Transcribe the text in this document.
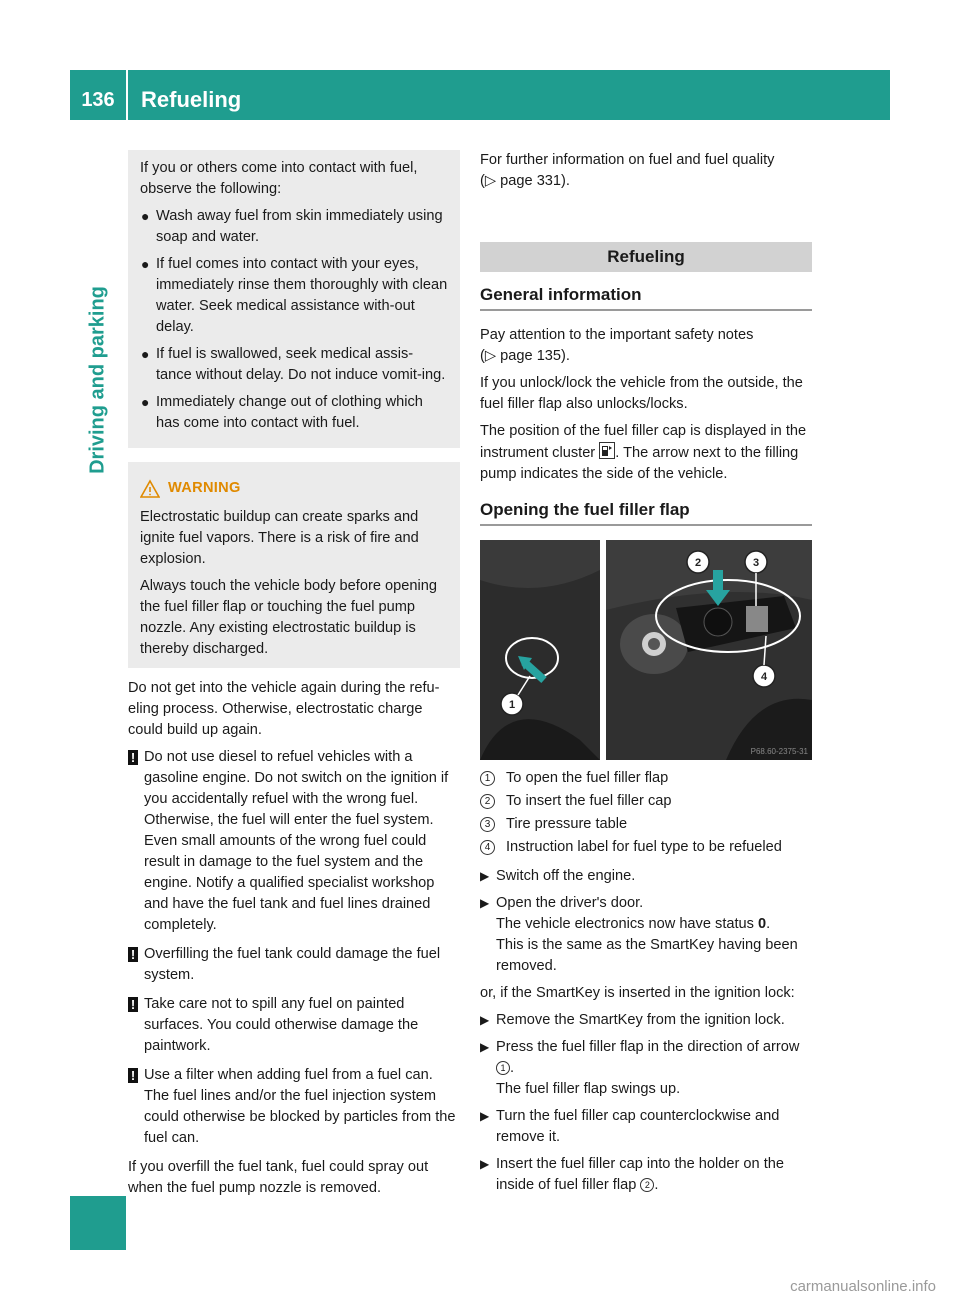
136	Refueling
Driving and parking

If you or others come into contact with fuel, observe the following:

● Wash away fuel from skin immediately using soap and water.
● If fuel comes into contact with your eyes, immediately rinse them thoroughly with clean water. Seek medical assistance with-out delay.
● If fuel is swallowed, seek medical assis-tance without delay. Do not induce vomit-ing.
● Immediately change out of clothing which has come into contact with fuel.
WARNING

Electrostatic buildup can create sparks and ignite fuel vapors. There is a risk of fire and explosion.

Always touch the vehicle body before opening the fuel filler flap or touching the fuel pump nozzle. Any existing electrostatic buildup is thereby discharged.

Do not get into the vehicle again during the refu-eling process. Otherwise, electrostatic charge could build up again.

! Do not use diesel to refuel vehicles with a gasoline engine. Do not switch on the ignition if you accidentally refuel with the wrong fuel. Otherwise, the fuel will enter the fuel system. Even small amounts of the wrong fuel could result in damage to the fuel system and the engine. Notify a qualified specialist workshop and have the fuel tank and fuel lines drained completely.
! Overfilling the fuel tank could damage the fuel system.
! Take care not to spill any fuel on painted surfaces. You could otherwise damage the paintwork.
! Use a filter when adding fuel from a fuel can. The fuel lines and/or the fuel injection system could otherwise be blocked by particles from the fuel can.

If you overfill the fuel tank, fuel could spray out when the fuel pump nozzle is removed.

For further information on fuel and fuel quality
(▷ page 331).

Refueling
General information

Pay attention to the important safety notes
(▷ page 135).

If you unlock/lock the vehicle from the outside, the fuel filler flap also unlocks/locks.

The position of the fuel filler cap is displayed in the instrument cluster . The arrow next to the filling pump indicates the side of the vehicle.

Opening the fuel filler flap
1
2	3
4
P68.60-2375-31
1	To open the fuel filler flap
2	To insert the fuel filler cap
3	Tire pressure table
4	Instruction label for fuel type to be refueled
▶ Switch off the engine.
▶ Open the driver's door.
The vehicle electronics now have status 0.
This is the same as the SmartKey having been removed.

or, if the SmartKey is inserted in the ignition lock:

▶ Remove the SmartKey from the ignition lock.
▶ Press the fuel filler flap in the direction of arrow 1 .
The fuel filler flap swings up.
▶ Turn the fuel filler cap counterclockwise and remove it.
▶ Insert the fuel filler cap into the holder on the inside of fuel filler flap 2 .
carmanualsonline.info
